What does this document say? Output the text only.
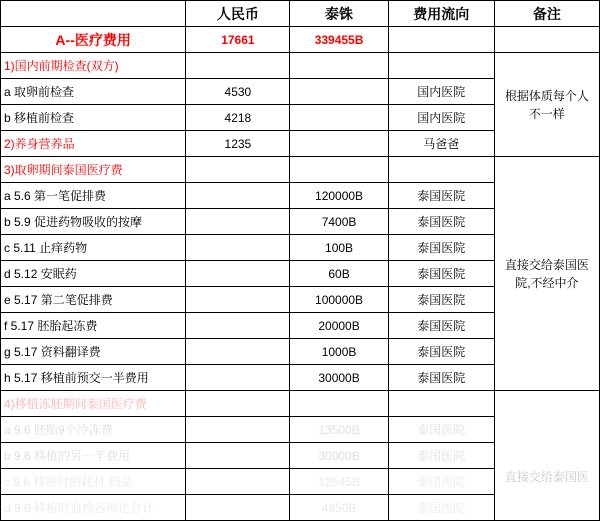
	人民币	泰铢	费用流向	备注
A--医疗费用	17661	339455B		
1)国内前期检查(双方)				根据体质每个人
不一样
a 取卵前检查	4530		国内医院	
b 移植前检查	4218		国内医院	
2)养身营养品	1235		马爸爸	
3)取卵期间泰国医疗费				直接交给泰国医
院,不经中介
a 5.6 第一笔促排费		120000B	泰国医院	
b 5.9 促进药物吸收的按摩		7400B	泰国医院	
c 5.11 止痒药物		100B	泰国医院	
d 5.12 安眠药		60B	泰国医院	
e 5.17 第二笔促排费		100000B	泰国医院	
f 5.17 胚胎起冻费		20000B	泰国医院	
g 5.17 资料翻译费		1000B	泰国医院	
h 5.17 移植前预交一半费用		30000B	泰国医院	
4)移植冻胚期间泰国医疗费				直接交给泰国医

a 9.6 胚胎9个冷冻费		13500B	泰国医院	
b 9.6 移植的另一半费用		30000B	泰国医院	
c 9.6 移植时的耗材 药品		12545B	泰国医院	
d 9.6 移植时血检各项化合计		4850B	泰国医院	
